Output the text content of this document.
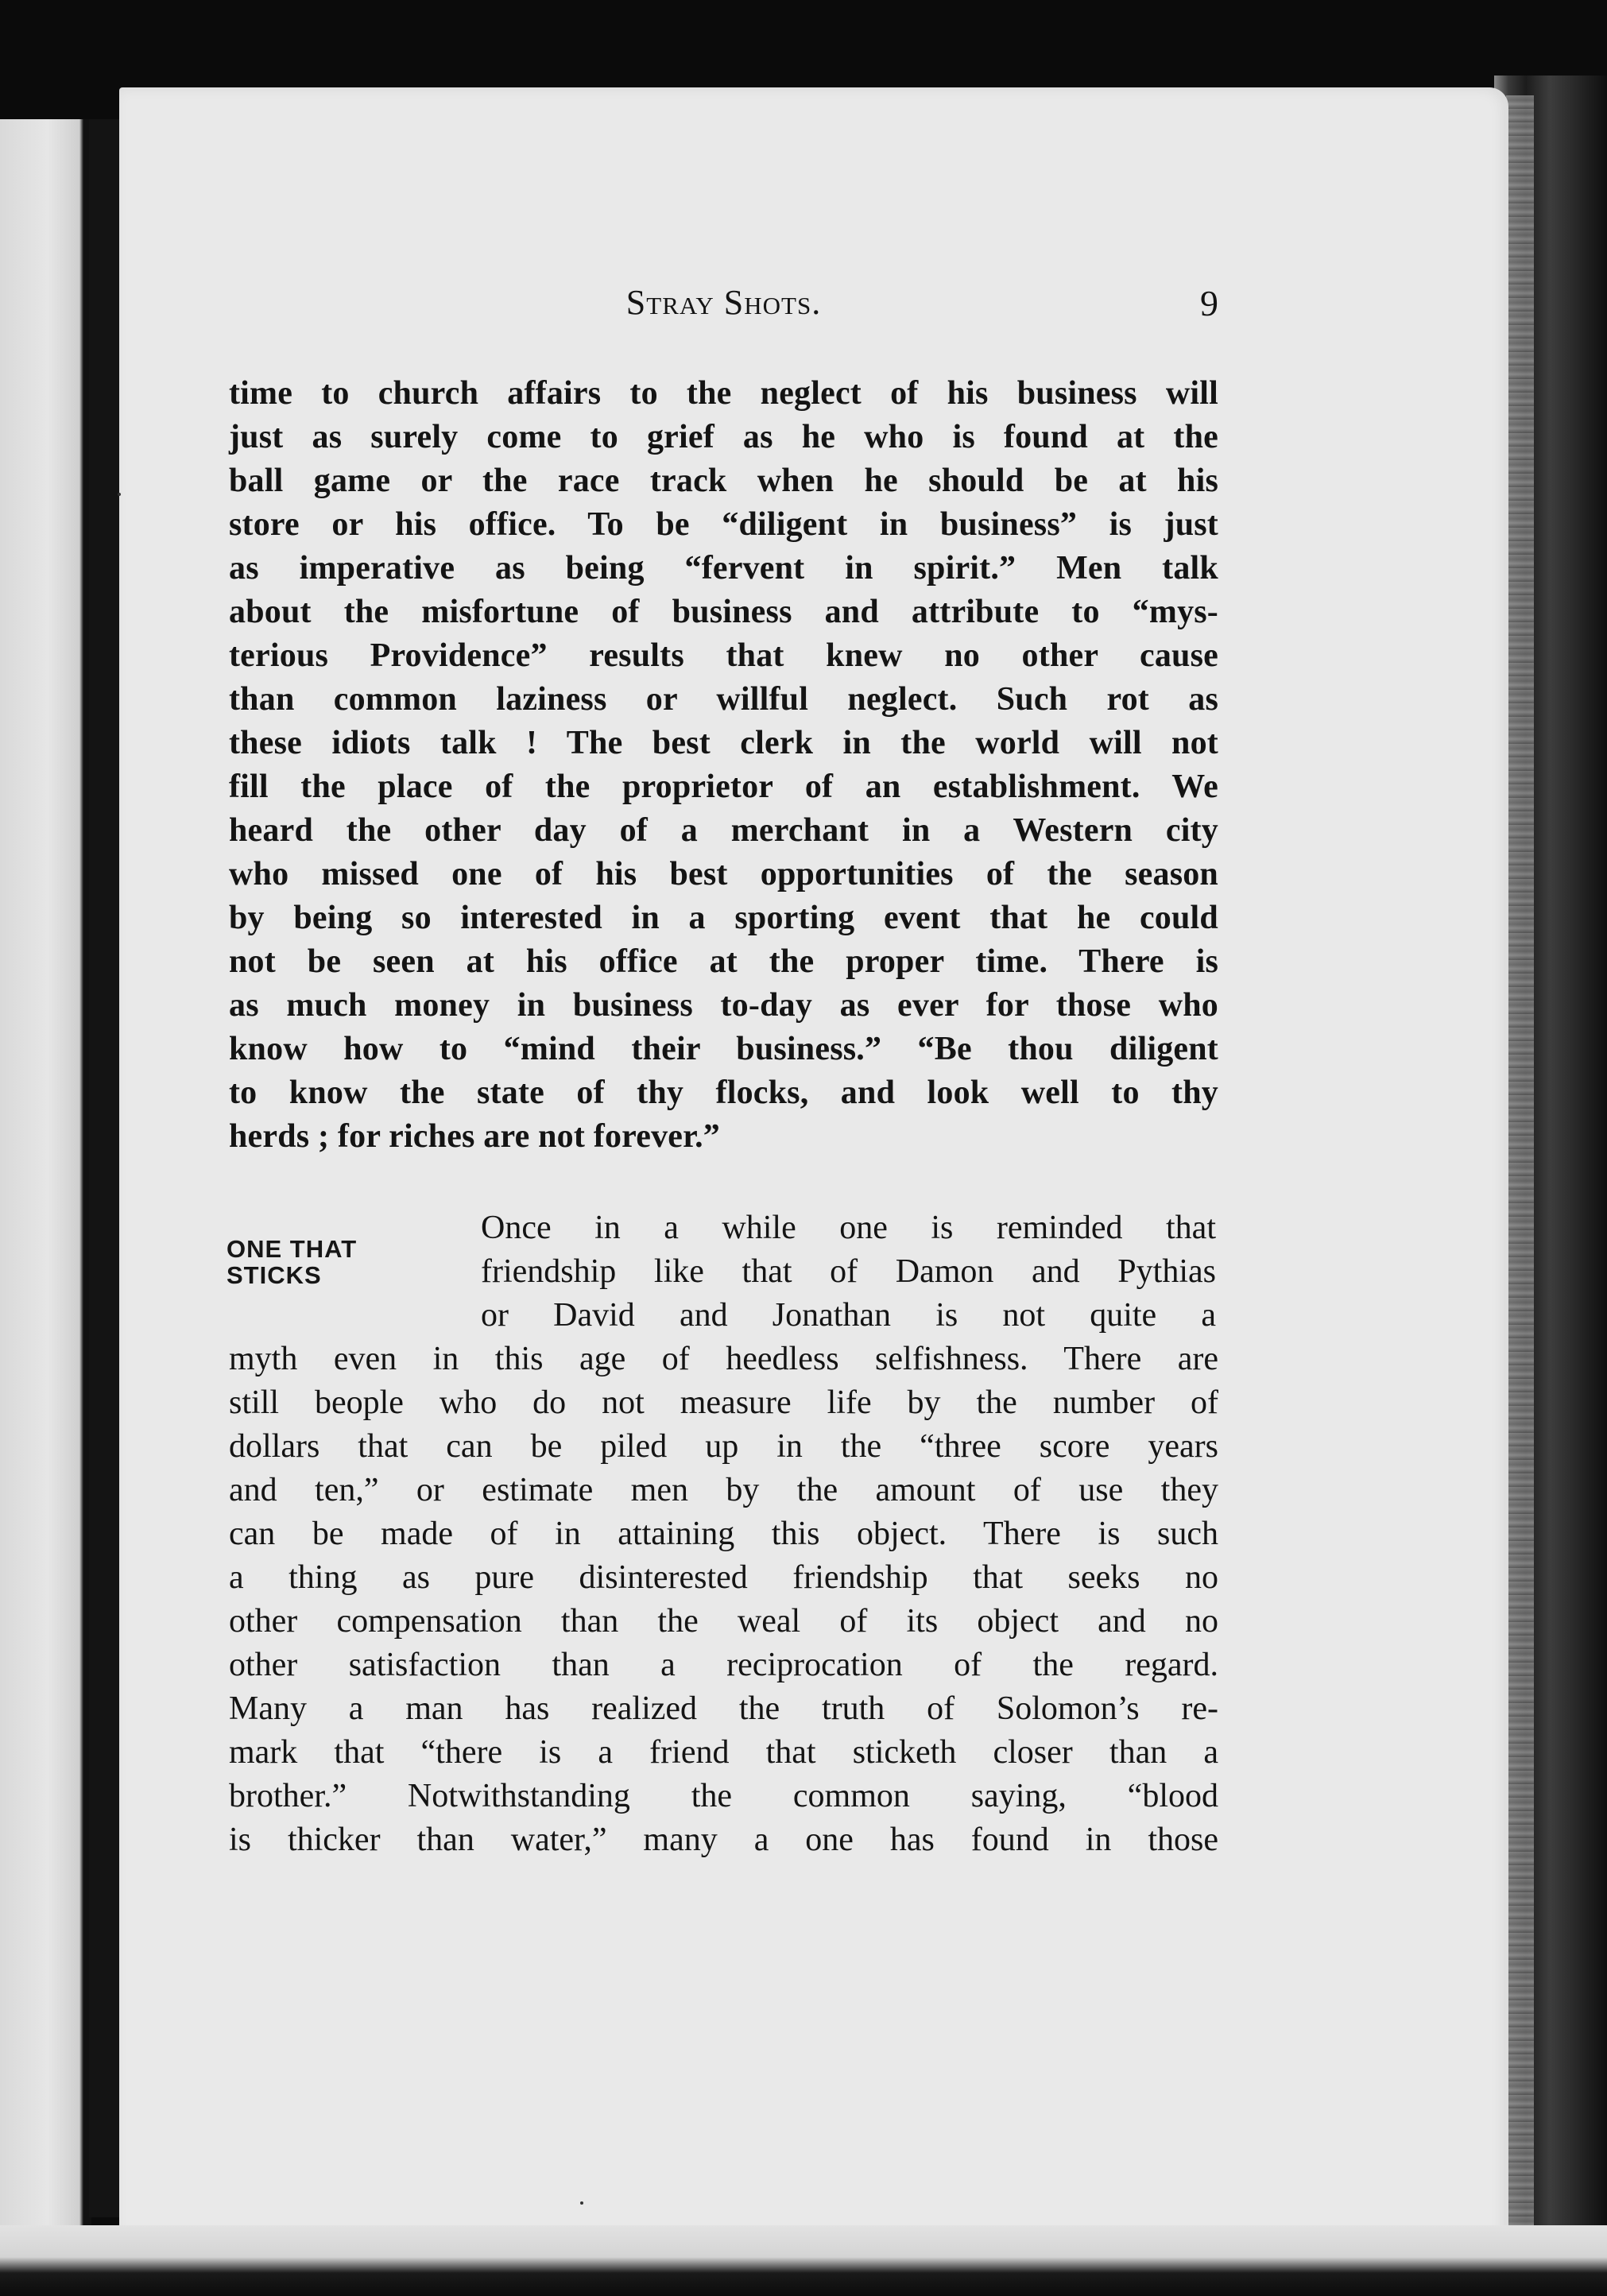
Stray Shots.	9
time to church affairs to the neglect of his business will
just as surely come to grief as he who is found at the
ball game or the race track when he should be at his
store or his office. To be “diligent in business” is just
as imperative as being “fervent in spirit.” Men talk
about the misfortune of business and attribute to “mys-
terious Providence” results that knew no other cause
than common laziness or willful neglect. Such rot as
these idiots talk ! The best clerk in the world will not
fill the place of the proprietor of an establishment. We
heard the other day of a merchant in a Western city
who missed one of his best opportunities of the season
by being so interested in a sporting event that he could
not be seen at his office at the proper time. There is
as much money in business to-day as ever for those who
know how to “mind their business.” “Be thou diligent
to know the state of thy flocks, and look well to thy
herds ; for riches are not forever.”
ONE THAT
STICKS
Once in a while one is reminded that
friendship like that of Damon and Pythias
or David and Jonathan is not quite a
myth even in this age of heedless selfishness. There are
still beople who do not measure life by the number of
dollars that can be piled up in the “three score years
and ten,” or estimate men by the amount of use they
can be made of in attaining this object. There is such
a thing as pure disinterested friendship that seeks no
other compensation than the weal of its object and no
other satisfaction than a reciprocation of the regard.
Many a man has realized the truth of Solomon’s re-
mark that “there is a friend that sticketh closer than a
brother.” Notwithstanding the common saying, “blood
is thicker than water,” many a one has found in those
